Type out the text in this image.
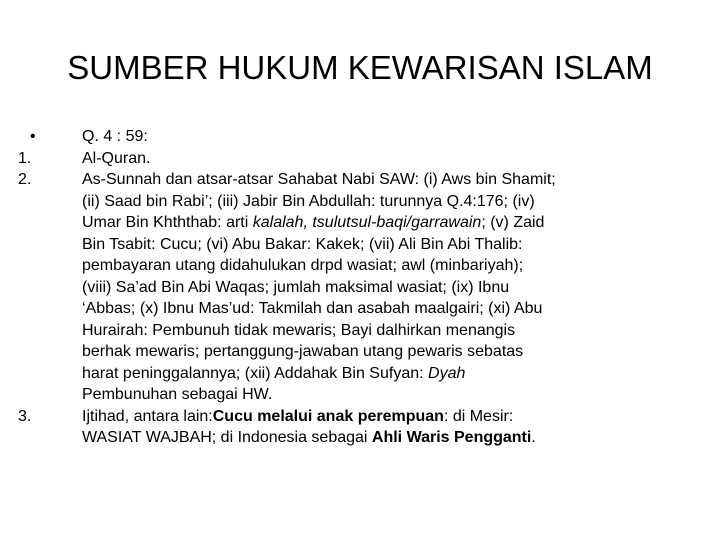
SUMBER HUKUM KEWARISAN ISLAM
•	Q. 4 : 59:
1.	Al-Quran.
2.	As-Sunnah dan atsar-atsar Sahabat Nabi SAW: (i) Aws bin Shamit;
(ii) Saad bin Rabi’; (iii) Jabir Bin Abdullah: turunnya Q.4:176; (iv)
Umar Bin Khththab: arti kalalah, tsulutsul-baqi/garrawain; (v) Zaid
Bin Tsabit: Cucu; (vi) Abu Bakar: Kakek; (vii) Ali Bin Abi Thalib:
pembayaran utang didahulukan drpd wasiat; awl (minbariyah);
(viii) Sa’ad Bin Abi Waqas; jumlah maksimal wasiat; (ix) Ibnu
‘Abbas; (x) Ibnu Mas’ud: Takmilah dan asabah maalgairi; (xi) Abu
Hurairah: Pembunuh tidak mewaris; Bayi dalhirkan menangis
berhak mewaris; pertanggung-jawaban utang pewaris sebatas
harat peninggalannya; (xii) Addahak Bin Sufyan: Dyah
Pembunuhan sebagai HW.
3.	Ijtihad, antara lain:Cucu melalui anak perempuan: di Mesir:
WASIAT WAJBAH; di Indonesia sebagai Ahli Waris Pengganti.
